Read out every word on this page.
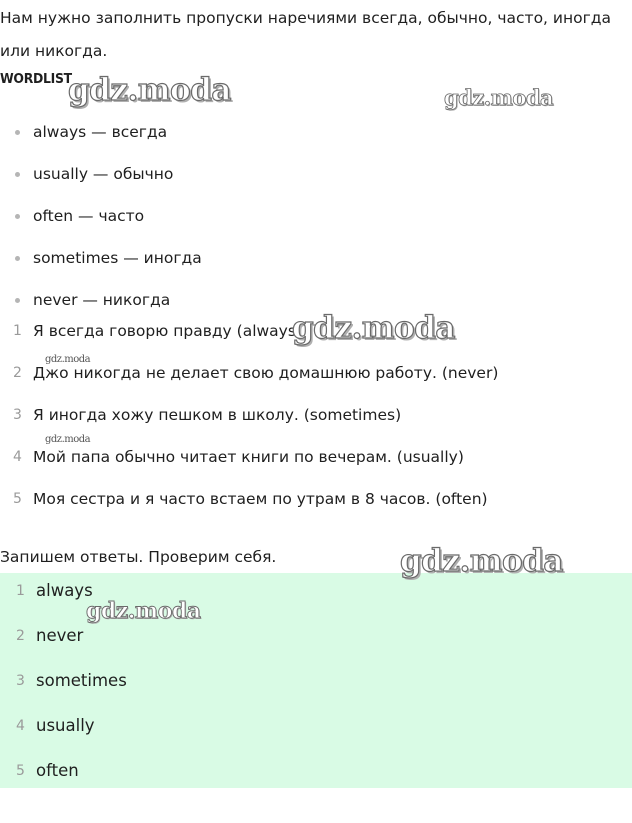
Нам нужно заполнить пропуски наречиями всегда, обычно, часто, иногда или никогда.

WORDLIST
always — всегда
usually — обычно
often — часто
sometimes — иногда
never — никогда
1 Я всегда говорю правду (always)
2 Джо никогда не делает свою домашнюю работу. (never)
3 Я иногда хожу пешком в школу. (sometimes)
4 Мой папа обычно читает книги по вечерам. (usually)
5 Моя сестра и я часто встаем по утрам в 8 часов. (often)
Запишем ответы. Проверим себя.
1 always
2 never
3 sometimes
4 usually
5 often
gdz.moda	gdz.moda
gdz.moda
gdz.moda
gdz.moda
gdz.moda
gdz.moda
